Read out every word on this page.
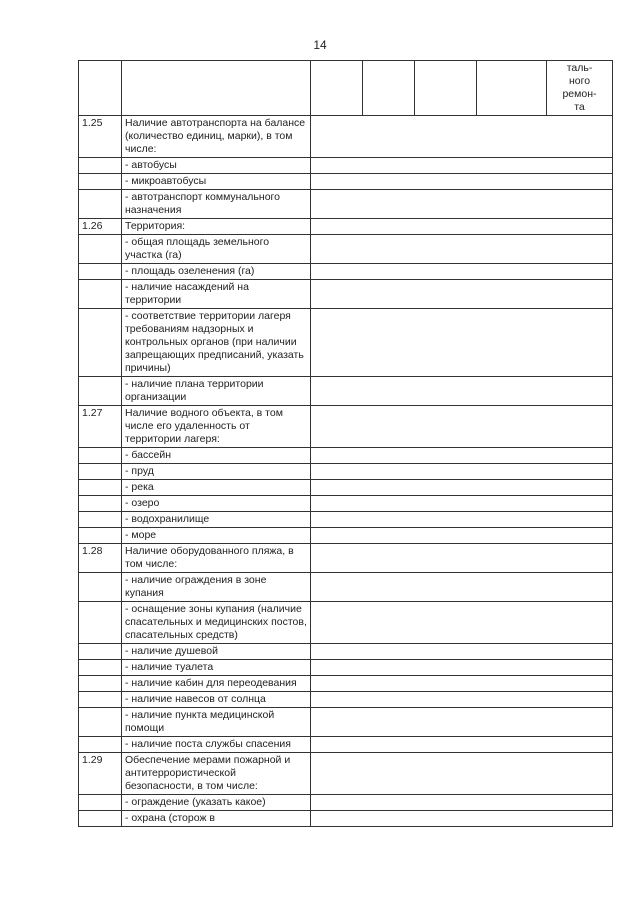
14

						таль-
ного
ремон-
та

1.25	Наличие автотранспорта на балансе (количество единиц, марки), в том числе:					
	- автобусы					
	- микроавтобусы					
	- автотранспорт коммунального назначения					
1.26	Территория:					
	- общая площадь земельного участка (га)					
	- площадь озеленения (га)					
	- наличие насаждений на территории					
	- соответствие территории лагеря требованиям надзорных и контрольных органов (при наличии запрещающих предписаний, указать причины)					
	- наличие плана территории организации					
1.27	Наличие водного объекта, в том числе его удаленность от территории лагеря:					
	- бассейн					
	- пруд					
	- река					
	- озеро					
	- водохранилище					
	- море					
1.28	Наличие оборудованного пляжа, в том числе:					
	- наличие ограждения в зоне купания					
	- оснащение зоны купания (наличие спасательных и медицинских постов, спасательных средств)					
	- наличие душевой					
	- наличие туалета					
	- наличие кабин для переодевания					
	- наличие навесов от солнца					
	- наличие пункта медицинской помощи					
	- наличие поста службы спасения					
1.29	Обеспечение мерами пожарной и антитеррористической безопасности, в том числе:					
	- ограждение (указать какое)					
	- охрана (сторож в					
